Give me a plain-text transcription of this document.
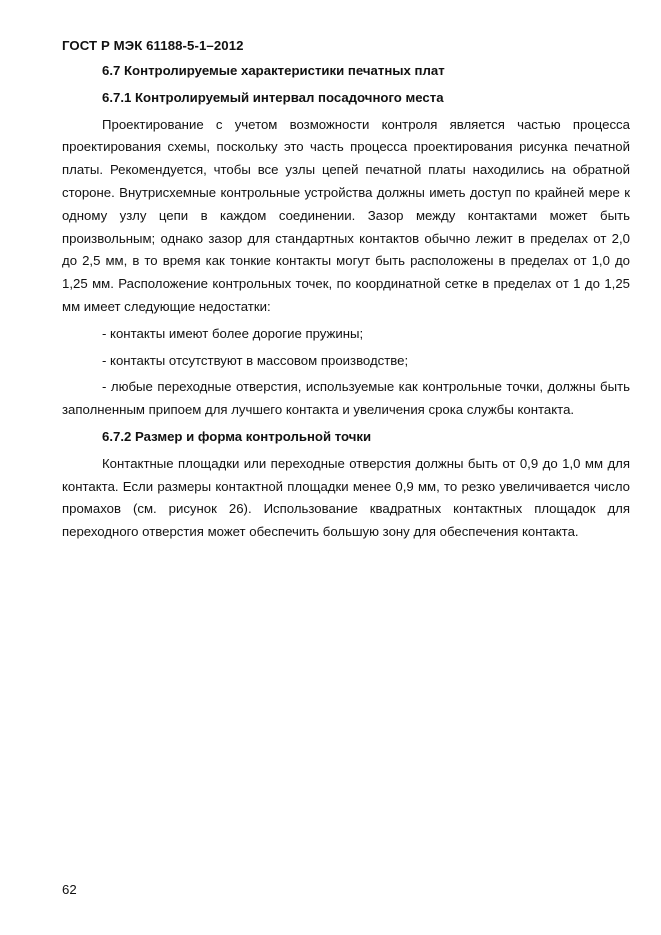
ГОСТ Р МЭК 61188-5-1–2012
6.7 Контролируемые характеристики печатных плат
6.7.1 Контролируемый интервал посадочного места

Проектирование с учетом возможности контроля является частью процесса проектирования схемы, поскольку это часть процесса проектирования рисунка печатной платы. Рекомендуется, чтобы все узлы цепей печатной платы находились на обратной стороне. Внутрисхемные контрольные устройства должны иметь доступ по крайней мере к одному узлу цепи в каждом соединении. Зазор между контактами может быть произвольным; однако зазор для стандартных контактов обычно лежит в пределах от 2,0 до 2,5 мм, в то время как тонкие контакты могут быть расположены в пределах от 1,0 до 1,25 мм. Расположение контрольных точек, по координатной сетке в пределах от 1 до 1,25 мм имеет следующие недостатки:

- контакты имеют более дорогие пружины;

- контакты отсутствуют в массовом производстве;

- любые переходные отверстия, используемые как контрольные точки, должны быть заполненным припоем для лучшего контакта и увеличения срока службы контакта.

6.7.2 Размер и форма контрольной точки

Контактные площадки или переходные отверстия должны быть от 0,9 до 1,0 мм для контакта. Если размеры контактной площадки менее 0,9 мм, то резко увеличивается число промахов (см. рисунок 26). Использование квадратных контактных площадок для переходного отверстия может обеспечить большую зону для обеспечения контакта.

62
